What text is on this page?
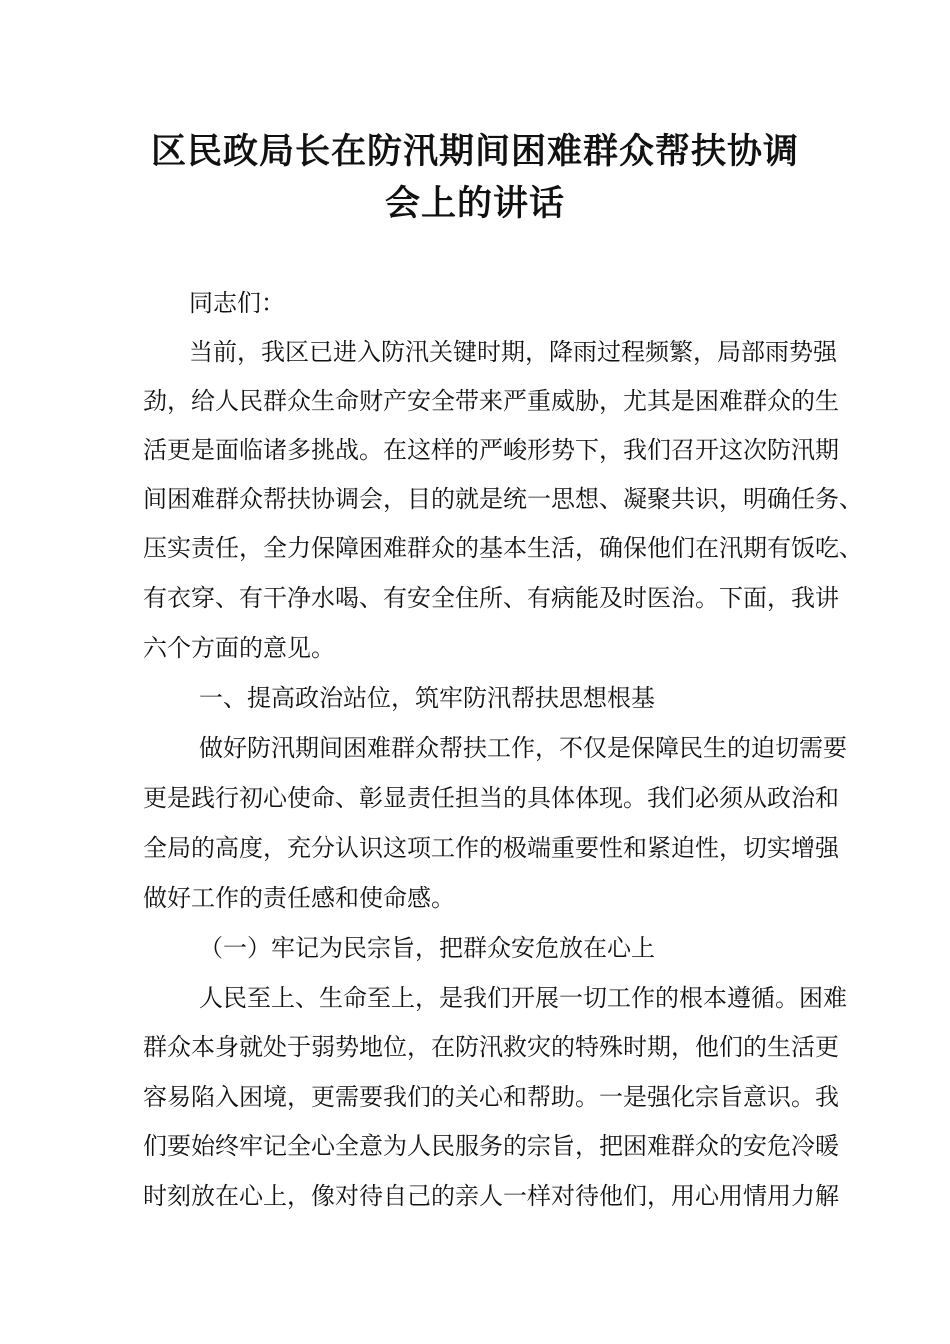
区民政局长在防汛期间困难群众帮扶协调
会上的讲话

同志们：

当前，我区已进入防汛关键时期，降雨过程频繁，局部雨势强

劲，给人民群众生命财产安全带来严重威胁，尤其是困难群众的生

活更是面临诸多挑战。在这样的严峻形势下，我们召开这次防汛期

间困难群众帮扶协调会，目的就是统一思想、凝聚共识，明确任务、

压实责任，全力保障困难群众的基本生活，确保他们在汛期有饭吃、

有衣穿、有干净水喝、有安全住所、有病能及时医治。下面，我讲

六个方面的意见。

一、提高政治站位，筑牢防汛帮扶思想根基

做好防汛期间困难群众帮扶工作，不仅是保障民生的迫切需要

更是践行初心使命、彰显责任担当的具体体现。我们必须从政治和

全局的高度，充分认识这项工作的极端重要性和紧迫性，切实增强

做好工作的责任感和使命感。

（一）牢记为民宗旨，把群众安危放在心上

人民至上、生命至上，是我们开展一切工作的根本遵循。困难

群众本身就处于弱势地位，在防汛救灾的特殊时期，他们的生活更

容易陷入困境，更需要我们的关心和帮助。一是强化宗旨意识。我

们要始终牢记全心全意为人民服务的宗旨，把困难群众的安危冷暖

时刻放在心上，像对待自己的亲人一样对待他们，用心用情用力解
